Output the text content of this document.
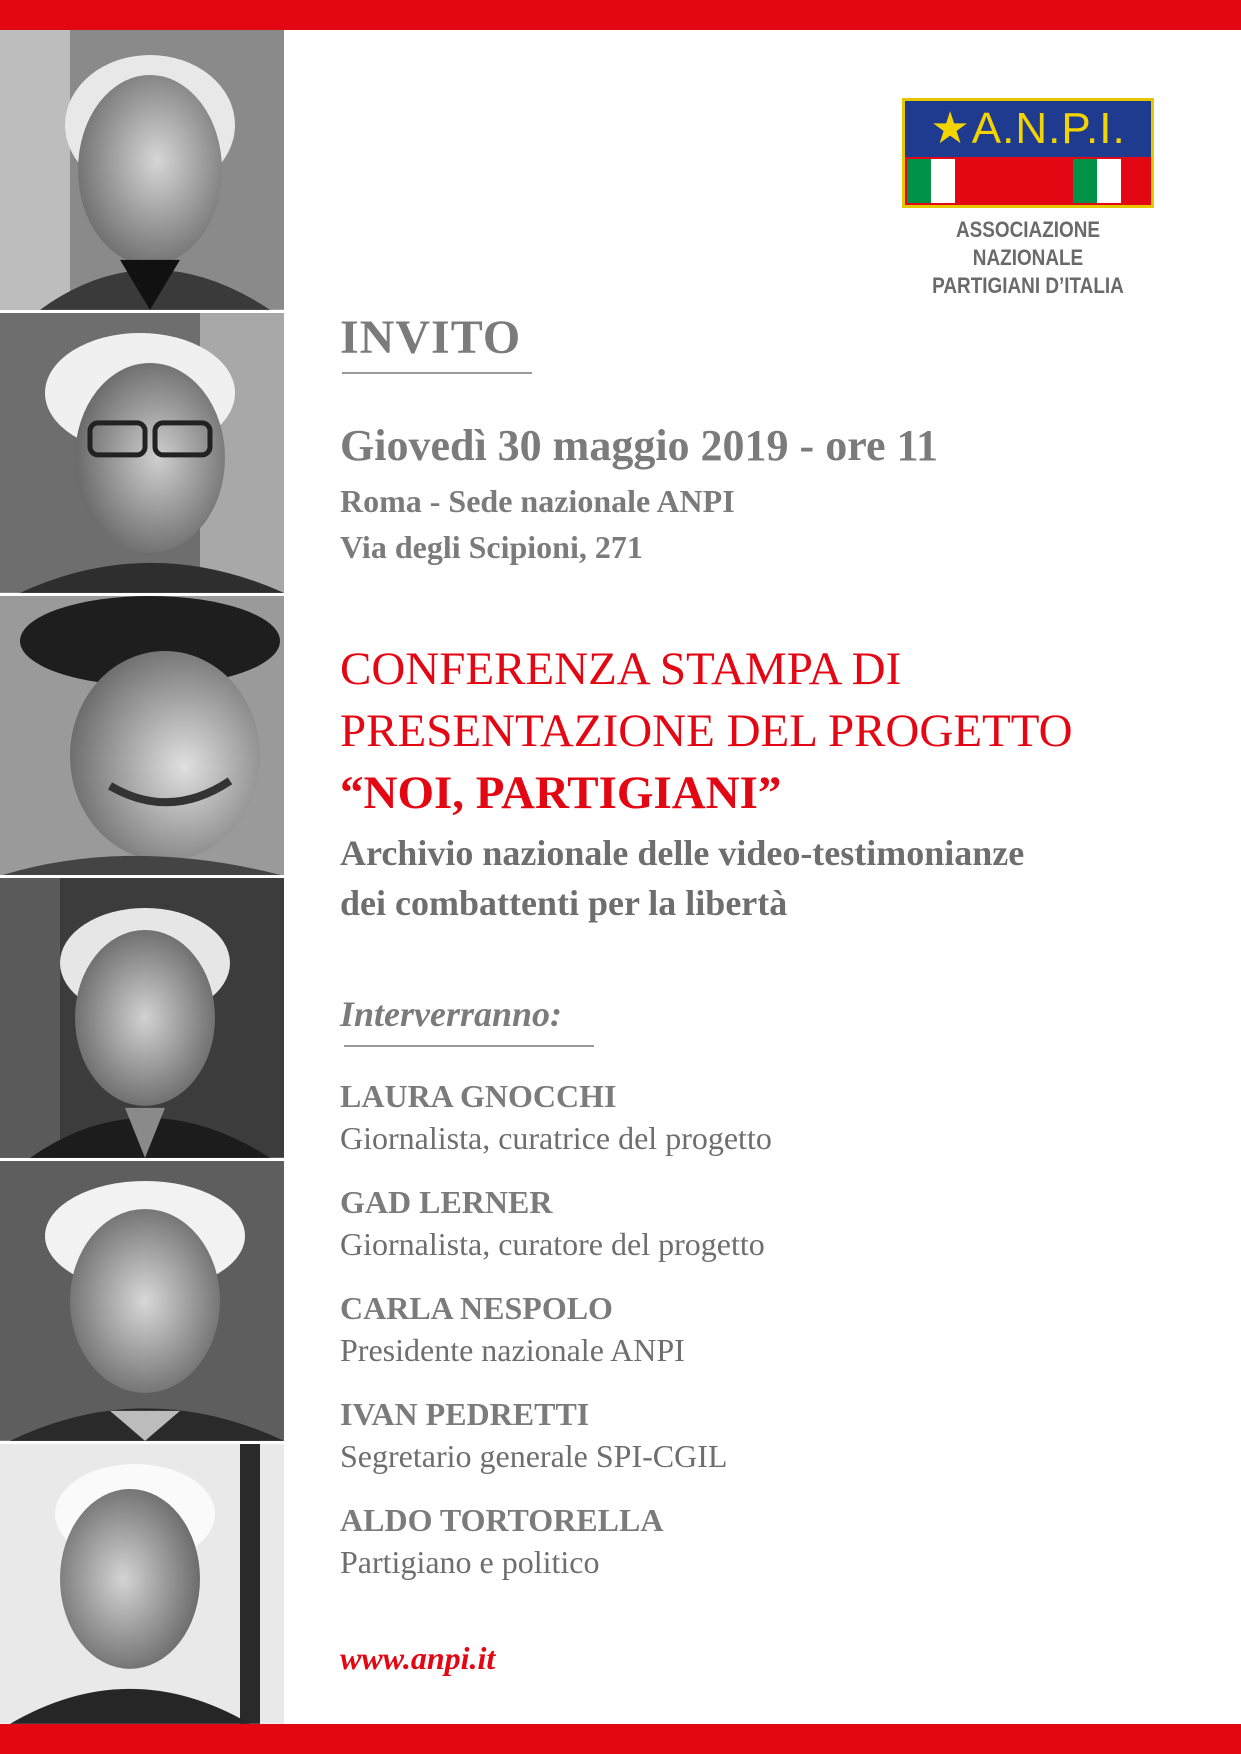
★ A.N.P.I.
ASSOCIAZIONE NAZIONALE
PARTIGIANI D’ITALIA
INVITO
Giovedì 30 maggio 2019 - ore 11
Roma - Sede nazionale ANPI
Via degli Scipioni, 271
CONFERENZA STAMPA DI
PRESENTAZIONE DEL PROGETTO
“NOI, PARTIGIANI”
Archivio nazionale delle video-testimonianze
dei combattenti per la libertà
Interverranno:
LAURA GNOCCHI
Giornalista, curatrice del progetto
GAD LERNER
Giornalista, curatore del progetto
CARLA NESPOLO
Presidente nazionale ANPI
IVAN PEDRETTI
Segretario generale SPI-CGIL
ALDO TORTORELLA
Partigiano e politico
www.anpi.it
